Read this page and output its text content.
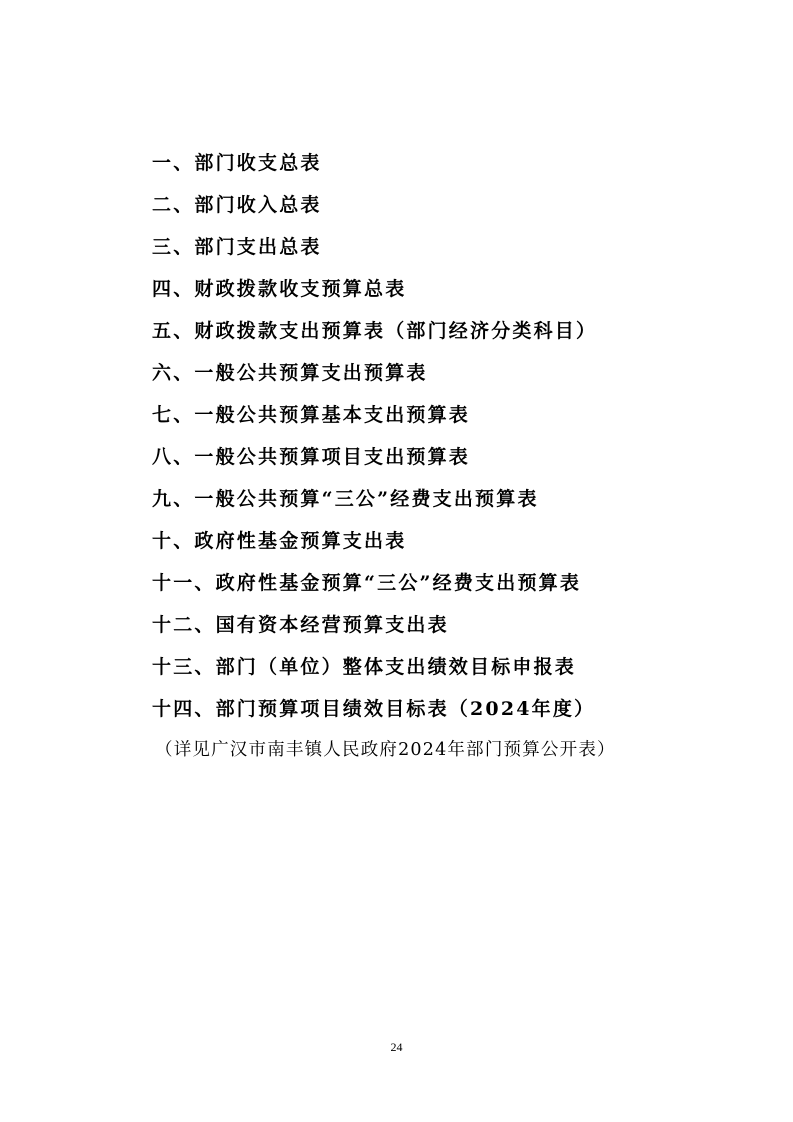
一、部门收支总表
二、部门收入总表
三、部门支出总表
四、财政拨款收支预算总表
五、财政拨款支出预算表（部门经济分类科目）
六、一般公共预算支出预算表
七、一般公共预算基本支出预算表
八、一般公共预算项目支出预算表
九、一般公共预算“三公”经费支出预算表
十、政府性基金预算支出表
十一、政府性基金预算“三公”经费支出预算表
十二、国有资本经营预算支出表
十三、部门（单位）整体支出绩效目标申报表
十四、部门预算项目绩效目标表（2024年度）
（详见广汉市南丰镇人民政府2024年部门预算公开表）
24
